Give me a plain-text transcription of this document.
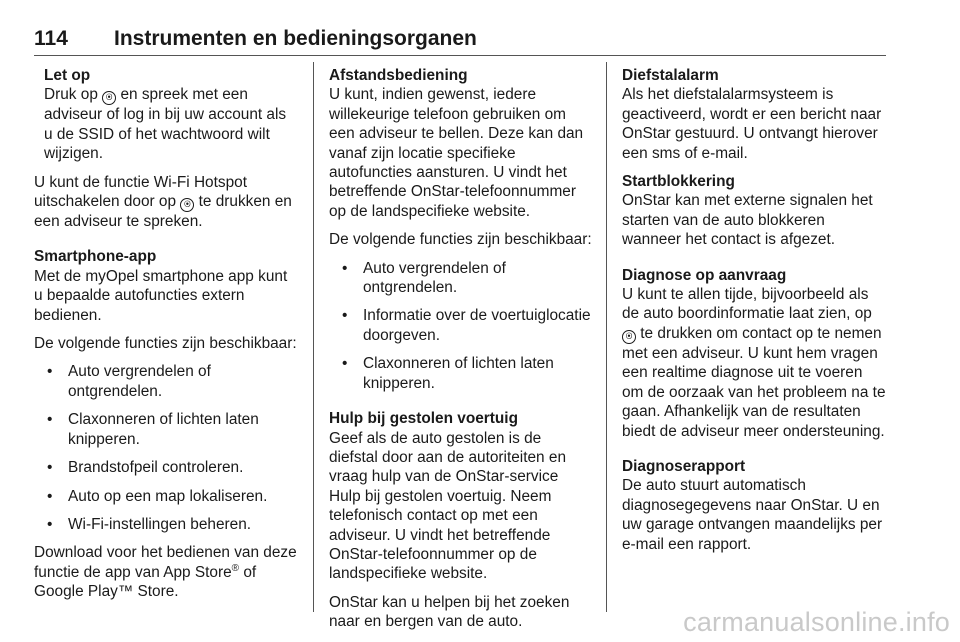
114 Instrumenten en bedieningsorganen

Let op

Druk op ⦿ en spreek met een adviseur of log in bij uw account als u de SSID of het wachtwoord wilt wijzigen.

U kunt de functie Wi-Fi Hotspot uitschakelen door op ⦿ te drukken en een adviseur te spreken.

Smartphone-app

Met de myOpel smartphone app kunt u bepaalde autofuncties extern bedienen.

De volgende functies zijn beschikbaar:

• Auto vergrendelen of ontgrendelen.
• Claxonneren of lichten laten knipperen.
• Brandstofpeil controleren.
• Auto op een map lokaliseren.
• Wi-Fi-instellingen beheren.

Download voor het bedienen van deze functie de app van App Store® of Google Play™ Store.

Afstandsbediening

U kunt, indien gewenst, iedere willekeurige telefoon gebruiken om een adviseur te bellen. Deze kan dan vanaf zijn locatie specifieke autofuncties aansturen. U vindt het betreffende OnStar-telefoonnummer op de landspecifieke website.

De volgende functies zijn beschikbaar:

• Auto vergrendelen of ontgrendelen.
• Informatie over de voertuiglocatie doorgeven.
• Claxonneren of lichten laten knipperen.

Hulp bij gestolen voertuig

Geef als de auto gestolen is de diefstal door aan de autoriteiten en vraag hulp van de OnStar-service Hulp bij gestolen voertuig. Neem telefonisch contact op met een adviseur. U vindt het betreffende OnStar-telefoonnummer op de landspecifieke website.

OnStar kan u helpen bij het zoeken naar en bergen van de auto.

Diefstalalarm

Als het diefstalalarmsysteem is geactiveerd, wordt er een bericht naar OnStar gestuurd. U ontvangt hierover een sms of e-mail.

Startblokkering

OnStar kan met externe signalen het starten van de auto blokkeren wanneer het contact is afgezet.

Diagnose op aanvraag

U kunt te allen tijde, bijvoorbeeld als de auto boordinformatie laat zien, op ⦿ te drukken om contact op te nemen met een adviseur. U kunt hem vragen een realtime diagnose uit te voeren om de oorzaak van het probleem na te gaan. Afhankelijk van de resultaten biedt de adviseur meer ondersteuning.

Diagnoserapport

De auto stuurt automatisch diagnosegegevens naar OnStar. U en uw garage ontvangen maandelijks per e-mail een rapport.

carmanualsonline.info
